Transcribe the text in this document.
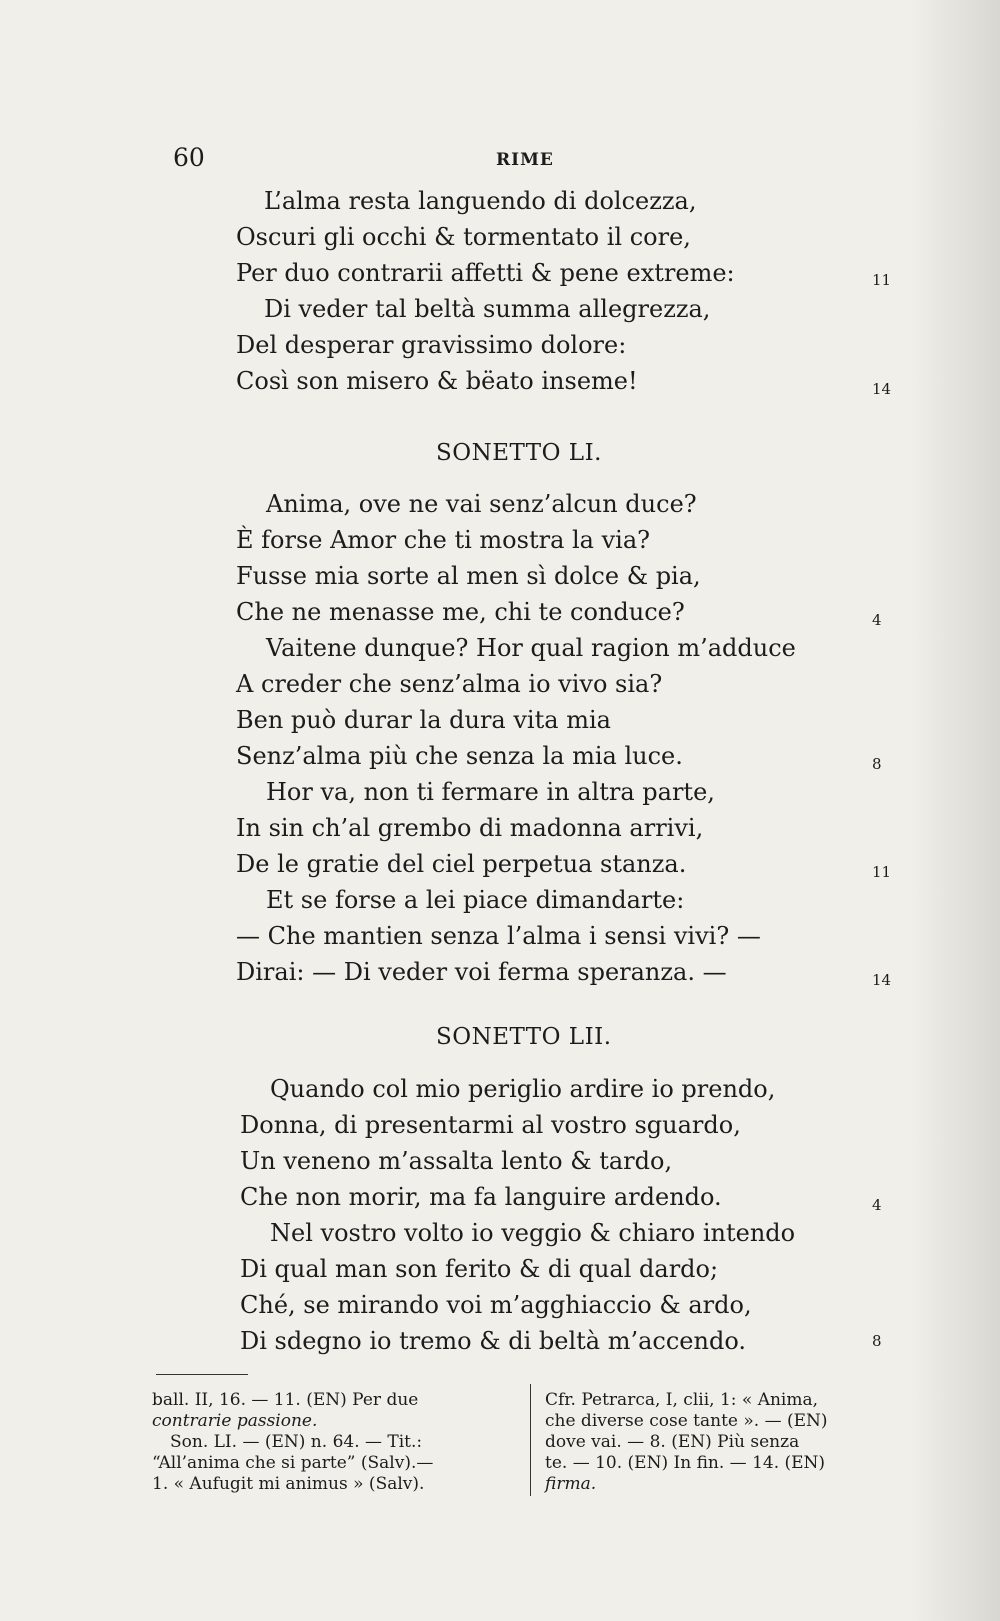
60	RIME
L’alma resta languendo di dolcezza,
Oscuri gli occhi & tormentato il core,
Per duo contrarii affetti & pene extreme:	11
Di veder tal beltà summa allegrezza,
Del desperar gravissimo dolore:
Così son misero & bëato inseme!	14
SONETTO LI.
Anima, ove ne vai senz’alcun duce?
È forse Amor che ti mostra la via?
Fusse mia sorte al men sì dolce & pia,
Che ne menasse me, chi te conduce?	4
Vaitene dunque? Hor qual ragion m’adduce
A creder che senz’alma io vivo sia?
Ben può durar la dura vita mia
Senz’alma più che senza la mia luce.	8
Hor va, non ti fermare in altra parte,
In sin ch’al grembo di madonna arrivi,
De le gratie del ciel perpetua stanza.	11
Et se forse a lei piace dimandarte:
— Che mantien senza l’alma i sensi vivi? —
Dirai: — Di veder voi ferma speranza. —	14
SONETTO LII.
Quando col mio periglio ardire io prendo,
Donna, di presentarmi al vostro sguardo,
Un veneno m’assalta lento & tardo,
Che non morir, ma fa languire ardendo.	4
Nel vostro volto io veggio & chiaro intendo
Di qual man son ferito & di qual dardo;
Ché, se mirando voi m’agghiaccio & ardo,
Di sdegno io tremo & di beltà m’accendo.	8
ball. II, 16. — 11. (EN) Per due
contrarie passione.
Son. LI. — (EN) n. 64. — Tit.:
“All’anima che si parte” (Salv).—
1. « Aufugit mi animus » (Salv).
Cfr. Petrarca, I, clii, 1: « Anima,
che diverse cose tante ». — (EN)
dove vai. — 8. (EN) Più senza
te. — 10. (EN) In fin. — 14. (EN)
firma.
